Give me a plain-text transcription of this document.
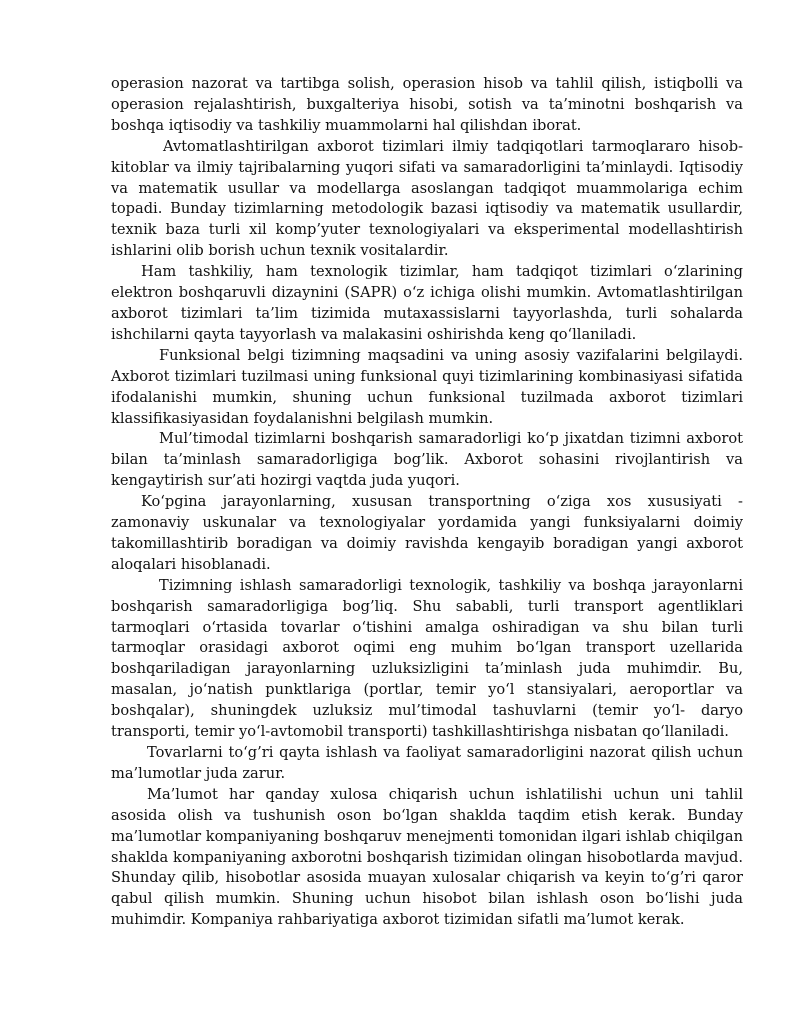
operasion nazorat va tartibga solish, operasion hisob va tahlil qilish, istiqbolli va operasion rejalashtirish, buxgalteriya hisobi, sotish va ta’minotni boshqarish va boshqa iqtisodiy va tashkiliy muammolarni hal qilishdan iborat.

Avtomatlashtirilgan axborot tizimlari ilmiy tadqiqotlari tarmoqlararo hisob-kitoblar va ilmiy tajribalarning yuqori sifati va samaradorligini ta’minlaydi. Iqtisodiy va matematik usullar va modellarga asoslangan tadqiqot muammolariga echim topadi. Bunday tizimlarning metodologik bazasi iqtisodiy va matematik usullardir, texnik baza turli xil komp’yuter texnologiyalari va eksperimental modellashtirish ishlarini olib borish uchun texnik vositalardir.

Ham tashkiliy, ham texnologik tizimlar, ham tadqiqot tizimlari o‘zlarining elektron boshqaruvli dizaynini (SAPR) o‘z ichiga olishi mumkin. Avtomatlashtirilgan axborot tizimlari ta’lim tizimida mutaxassislarni tayyorlashda, turli sohalarda ishchilarni qayta tayyorlash va malakasini oshirishda keng qo‘llaniladi.

Funksional belgi tizimning maqsadini va uning asosiy vazifalarini belgilaydi. Axborot tizimlari tuzilmasi uning funksional quyi tizimlarining kombinasiyasi sifatida ifodalanishi mumkin, shuning uchun funksional tuzilmada axborot tizimlari klassifikasiyasidan foydalanishni belgilash mumkin.

Mul’timodal tizimlarni boshqarish samaradorligi ko‘p jixatdan tizimni axborot bilan ta’minlash samaradorligiga bog’lik. Axborot sohasini rivojlantirish va kengaytirish sur’ati hozirgi vaqtda juda yuqori.

Ko‘pgina jarayonlarning, xususan transportning o‘ziga xos xususiyati - zamonaviy uskunalar va texnologiyalar yordamida yangi funksiyalarni doimiy takomillashtirib boradigan va doimiy ravishda kengayib boradigan yangi axborot aloqalari hisoblanadi.

Tizimning ishlash samaradorligi texnologik, tashkiliy va boshqa jarayonlarni boshqarish samaradorligiga bog’liq. Shu sababli, turli transport agentliklari tarmoqlari o‘rtasida tovarlar o‘tishini amalga oshiradigan va shu bilan turli tarmoqlar orasidagi axborot oqimi eng muhim bo‘lgan transport uzellarida boshqariladigan jarayonlarning uzluksizligini ta’minlash juda muhimdir. Bu, masalan, jo‘natish punktlariga (portlar, temir yo‘l stansiyalari, aeroportlar va boshqalar), shuningdek uzluksiz mul’timodal tashuvlarni (temir yo‘l- daryo transporti, temir yo‘l-avtomobil transporti) tashkillashtirishga nisbatan qo‘llaniladi.

Tovarlarni to‘g’ri qayta ishlash va faoliyat samaradorligini nazorat qilish uchun ma’lumotlar juda zarur.

Ma’lumot har qanday xulosa chiqarish uchun ishlatilishi uchun uni tahlil asosida olish va tushunish oson bo‘lgan shaklda taqdim etish kerak. Bunday ma’lumotlar kompaniyaning boshqaruv menejmenti tomonidan ilgari ishlab chiqilgan shaklda kompaniyaning axborotni boshqarish tizimidan olingan hisobotlarda mavjud. Shunday qilib, hisobotlar asosida muayan xulosalar chiqarish va keyin to‘g’ri qaror qabul qilish mumkin. Shuning uchun hisobot bilan ishlash oson bo‘lishi juda muhimdir. Kompaniya rahbariyatiga axborot tizimidan sifatli ma’lumot kerak.
